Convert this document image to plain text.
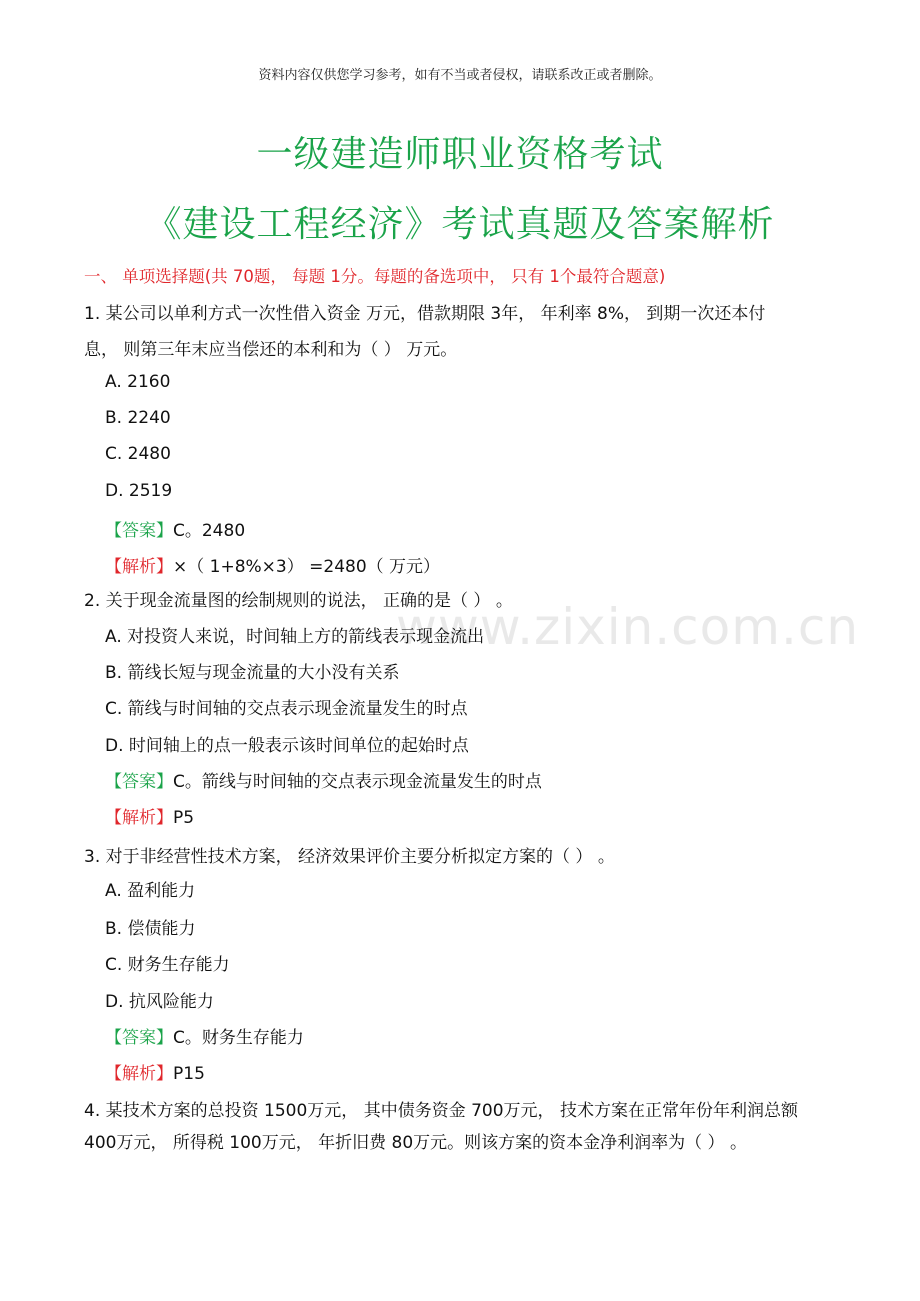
www.zixin.com.cn
资料内容仅供您学习参考，如有不当或者侵权，请联系改正或者删除。
一级建造师职业资格考试
《建设工程经济》考试真题及答案解析
一、 单项选择题(共 70题， 每题 1分。每题的备选项中， 只有 1个最符合题意)
1. 某公司以单利方式一次性借入资金 万元，借款期限 3年， 年利率 8%， 到期一次还本付
息， 则第三年末应当偿还的本利和为（ ） 万元。
A. 2160
B. 2240
C. 2480
D. 2519
【答案】C。2480
【解析】×（ 1+8%×3） =2480（ 万元）
2. 关于现金流量图的绘制规则的说法， 正确的是（ ） 。
A. 对投资人来说，时间轴上方的箭线表示现金流出
B. 箭线长短与现金流量的大小没有关系
C. 箭线与时间轴的交点表示现金流量发生的时点
D. 时间轴上的点一般表示该时间单位的起始时点
【答案】C。箭线与时间轴的交点表示现金流量发生的时点
【解析】P5
3. 对于非经营性技术方案， 经济效果评价主要分析拟定方案的（ ） 。
A. 盈利能力
B. 偿债能力
C. 财务生存能力
D. 抗风险能力
【答案】C。财务生存能力
【解析】P15
4. 某技术方案的总投资 1500万元， 其中债务资金 700万元， 技术方案在正常年份年利润总额
400万元， 所得税 100万元， 年折旧费 80万元。则该方案的资本金净利润率为（ ） 。
